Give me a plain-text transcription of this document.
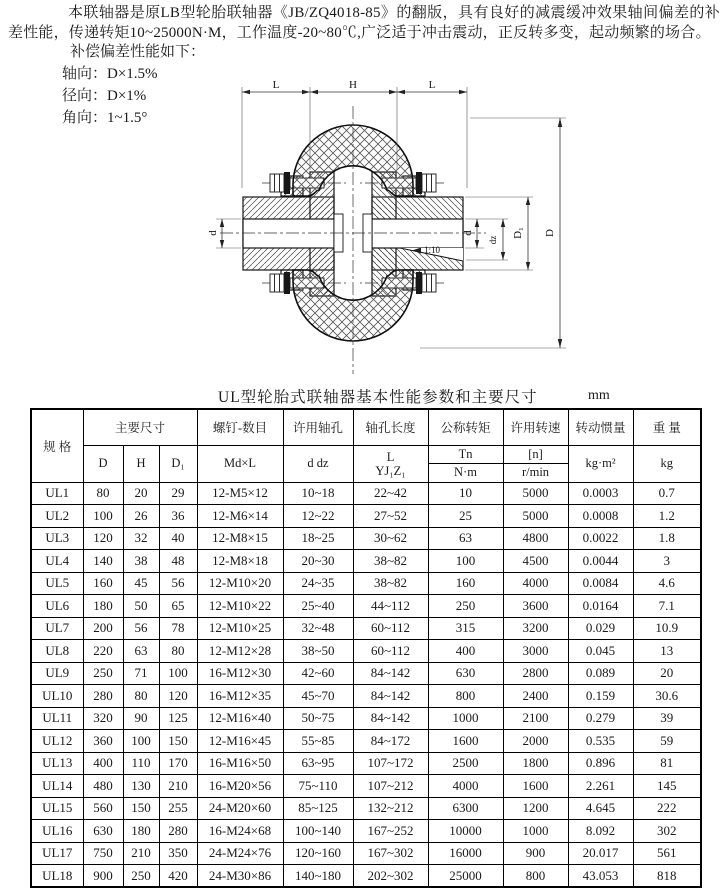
本联轴器是原LB型轮胎联轴器《JB/ZQ4018-85》的翻版，具有良好的减震缓冲效果轴间偏差的补差性能，传递转矩10~25000N·M，工作温度-20~80℃,广泛适于冲击震动，正反转多变，起动频繁的场合。
补偿偏差性能如下：
轴向：D×1.5%
径向：D×1%
角向：1~1.5°
1:10
L	H	L
d	d
dz
D₁ D
UL型轮胎式联轴器基本性能参数和主要尺寸	mm
规 格	主要尺寸			螺钉-数目	许用轴孔	轴孔长度	公称转矩	许用转速	转动惯量	重 量
	D	H	D₁	Md×L	d dz	L
YJ₁Z₁	Tn	[n]	kg·m²	kg
							N·m	r/min		
UL1	80	20	29	12-M5×12	10~18	22~42	10	5000	0.0003	0.7
UL2	100	26	36	12-M6×14	12~22	27~52	25	5000	0.0008	1.2
UL3	120	32	40	12-M8×15	18~25	30~62	63	4800	0.0022	1.8
UL4	140	38	48	12-M8×18	20~30	38~82	100	4500	0.0044	3
UL5	160	45	56	12-M10×20	24~35	38~82	160	4000	0.0084	4.6
UL6	180	50	65	12-M10×22	25~40	44~112	250	3600	0.0164	7.1
UL7	200	56	78	12-M10×25	32~48	60~112	315	3200	0.029	10.9
UL8	220	63	80	12-M12×28	38~50	60~112	400	3000	0.045	13
UL9	250	71	100	16-M12×30	42~60	84~142	630	2800	0.089	20
UL10	280	80	120	16-M12×35	45~70	84~142	800	2400	0.159	30.6
UL11	320	90	125	12-M16×40	50~75	84~142	1000	2100	0.279	39
UL12	360	100	150	12-M16×45	55~85	84~172	1600	2000	0.535	59
UL13	400	110	170	16-M16×50	63~95	107~172	2500	1800	0.896	81
UL14	480	130	210	16-M20×56	75~110	107~212	4000	1600	2.261	145
UL15	560	150	255	24-M20×60	85~125	132~212	6300	1200	4.645	222
UL16	630	180	280	16-M24×68	100~140	167~252	10000	1000	8.092	302
UL17	750	210	350	24-M24×76	120~160	167~302	16000	900	20.017	561
UL18	900	250	420	24-M30×86	140~180	202~302	25000	800	43.053	818
